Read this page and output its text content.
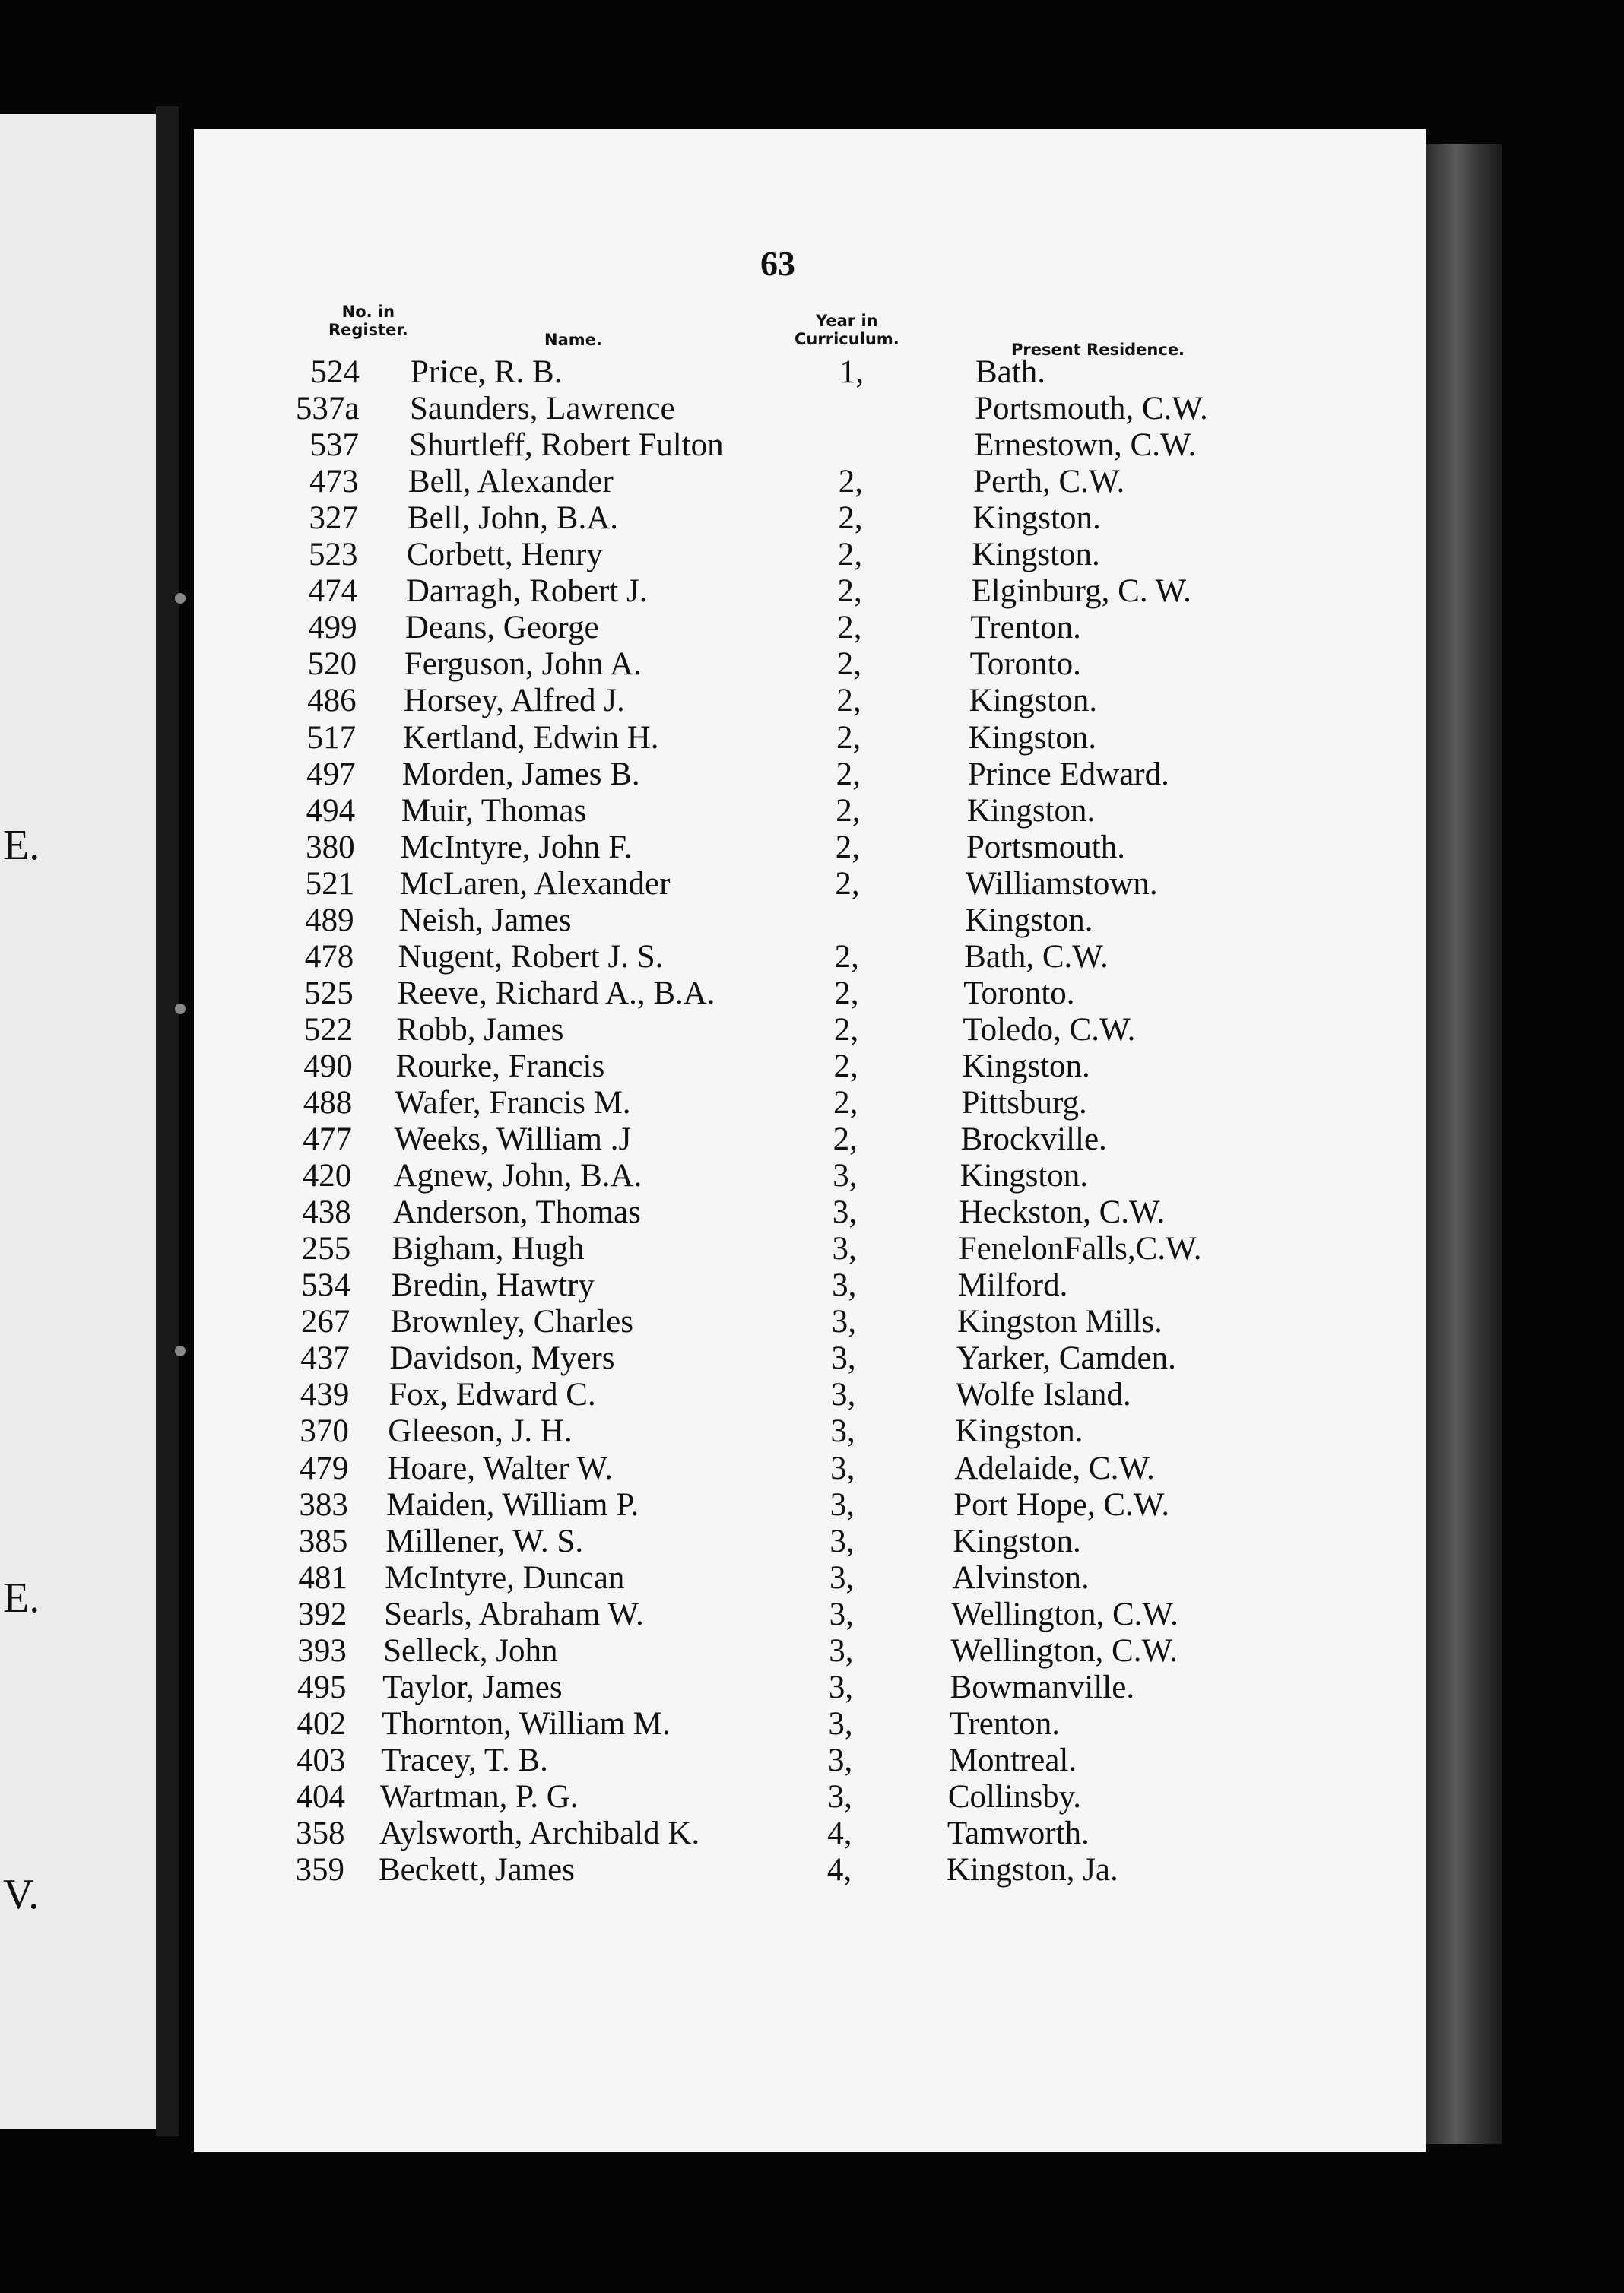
E.
E.
V.
63
No. in
Register.
Name.
Year in
Curriculum.
Present Residence.
524 Price, R. B.	1,	Bath.
537a Saunders, Lawrence	Portsmouth, C.W.
537 Shurtleff, Robert Fulton	Ernestown, C.W.
473 Bell, Alexander	2,	Perth, C.W.
327 Bell, John, B.A.	2,	Kingston.
523 Corbett, Henry	2,	Kingston.
474 Darragh, Robert J.	2,	Elginburg, C. W.
499 Deans, George	2,	Trenton.
520 Ferguson, John A.	2,	Toronto.
486 Horsey, Alfred J.	2,	Kingston.
517 Kertland, Edwin H.	2,	Kingston.
497 Morden, James B.	2,	Prince Edward.
494 Muir, Thomas	2,	Kingston.
380 McIntyre, John F.	2,	Portsmouth.
521 McLaren, Alexander	2,	Williamstown.
489 Neish, James	Kingston.
478 Nugent, Robert J. S.	2,	Bath, C.W.
525 Reeve, Richard A., B.A.	2,	Toronto.
522 Robb, James	2,	Toledo, C.W.
490 Rourke, Francis	2,	Kingston.
488 Wafer, Francis M.	2,	Pittsburg.
477 Weeks, William .J	2,	Brockville.
420 Agnew, John, B.A.	3,	Kingston.
438 Anderson, Thomas	3,	Heckston, C.W.
255 Bigham, Hugh	3,	FenelonFalls,C.W.
534 Bredin, Hawtry	3,	Milford.
267 Brownley, Charles	3,	Kingston Mills.
437 Davidson, Myers	3,	Yarker, Camden.
439 Fox, Edward C.	3,	Wolfe Island.
370 Gleeson, J. H.	3,	Kingston.
479 Hoare, Walter W.	3,	Adelaide, C.W.
383 Maiden, William P.	3,	Port Hope, C.W.
385 Millener, W. S.	3,	Kingston.
481 McIntyre, Duncan	3,	Alvinston.
392 Searls, Abraham W.	3,	Wellington, C.W.
393 Selleck, John	3,	Wellington, C.W.
495 Taylor, James	3,	Bowmanville.
402 Thornton, William M.	3,	Trenton.
403 Tracey, T. B.	3,	Montreal.
404 Wartman, P. G.	3,	Collinsby.
358 Aylsworth, Archibald K.	4,	Tamworth.
359 Beckett, James	4,	Kingston, Ja.
